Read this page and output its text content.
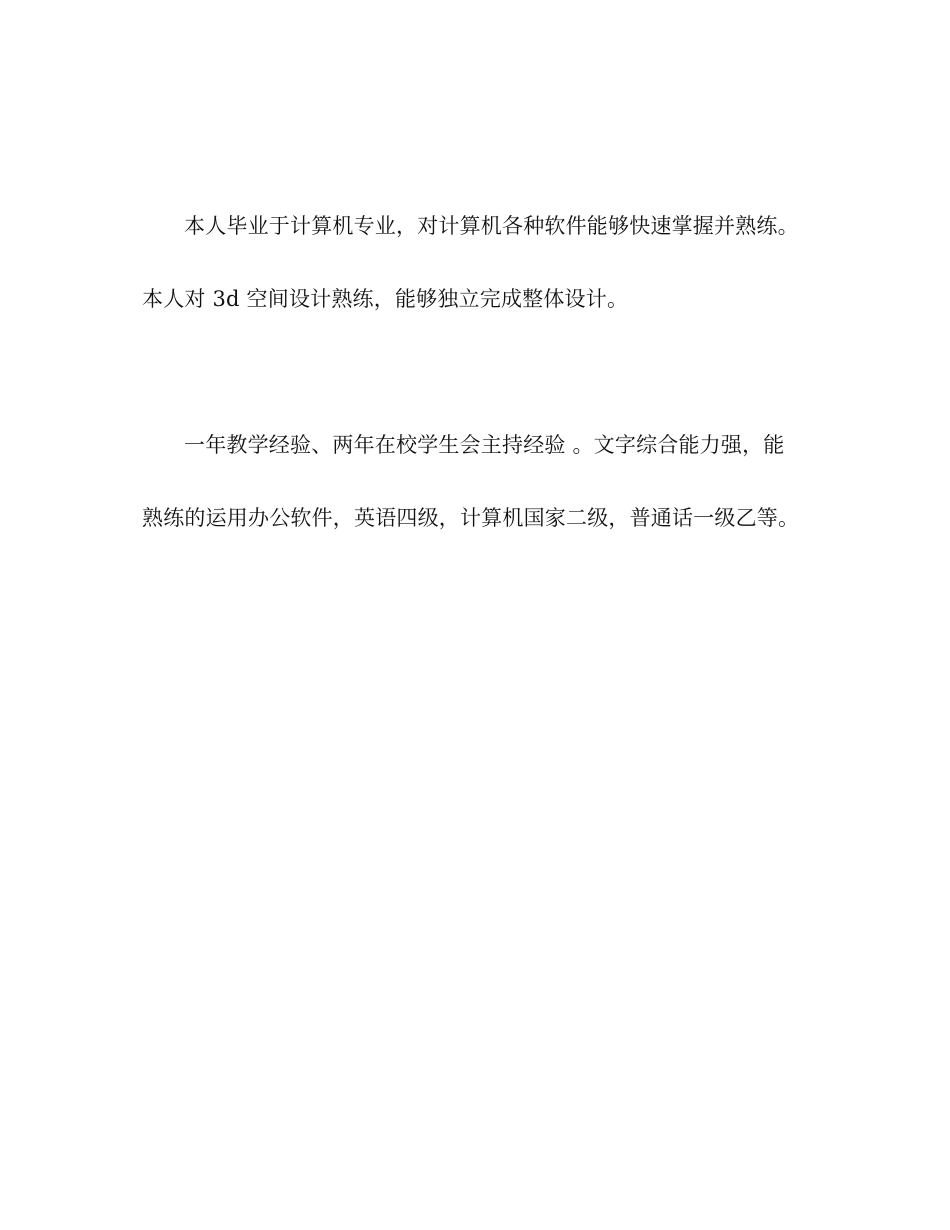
本人毕业于计算机专业，对计算机各种软件能够快速掌握并熟练。本人对 3d 空间设计熟练，能够独立完成整体设计。

一年教学经验、两年在校学生会主持经验 。文字综合能力强，能熟练的运用办公软件，英语四级，计算机国家二级，普通话一级乙等。
